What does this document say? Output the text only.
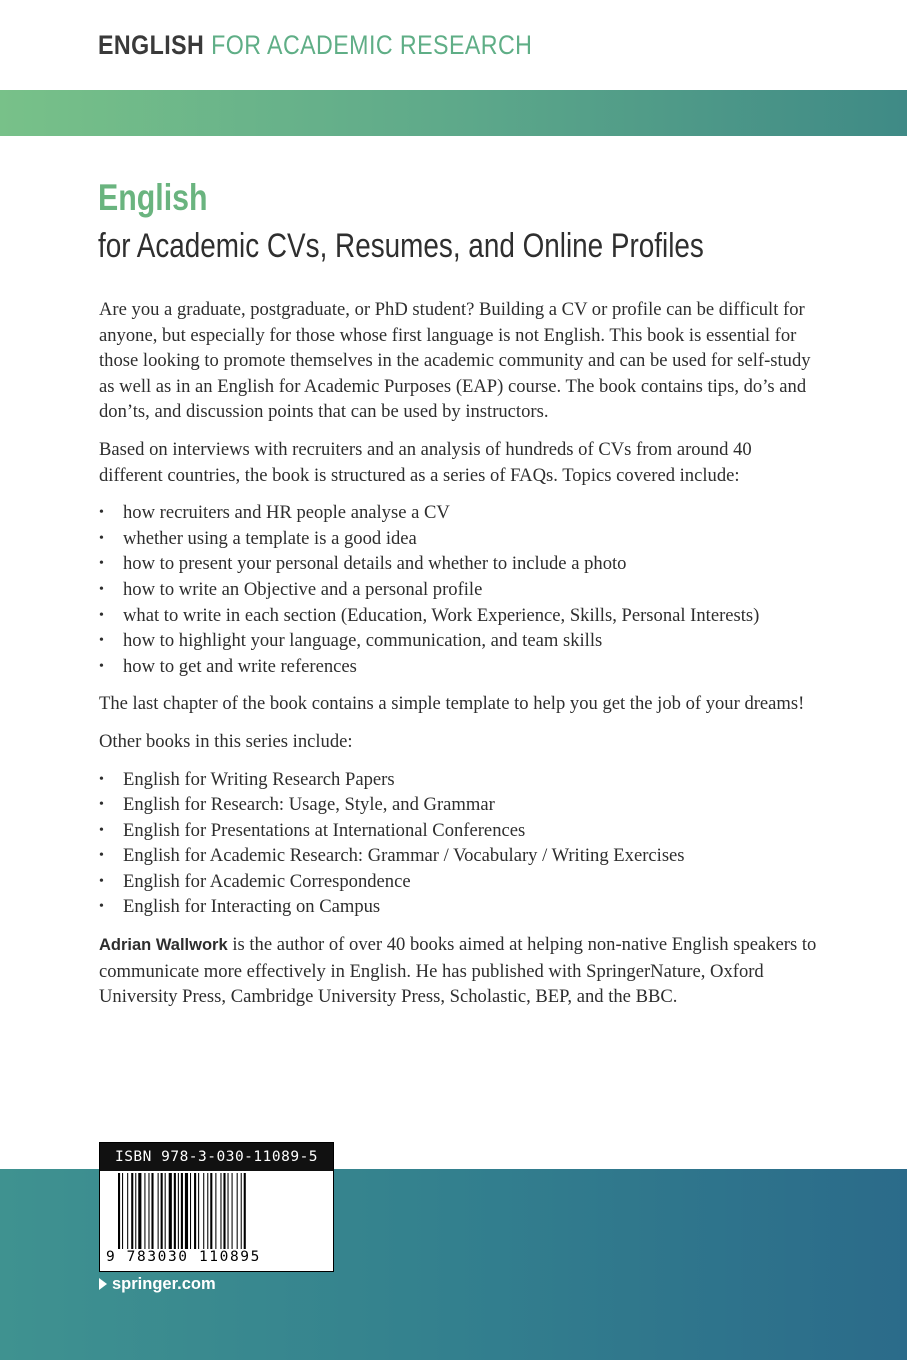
ENGLISH FOR ACADEMIC RESEARCH
English
for Academic CVs, Resumes, and Online Profiles

Are you a graduate, postgraduate, or PhD student? Building a CV or profile can be difficult for anyone, but especially for those whose first language is not English. This book is essential for those looking to promote themselves in the academic community and can be used for self-study as well as in an English for Academic Purposes (EAP) course. The book contains tips, do’s and don’ts, and discussion points that can be used by instructors.

Based on interviews with recruiters and an analysis of hundreds of CVs from around 40 different countries, the book is structured as a series of FAQs. Topics covered include:

• how recruiters and HR people analyse a CV
• whether using a template is a good idea
• how to present your personal details and whether to include a photo
• how to write an Objective and a personal profile
• what to write in each section (Education, Work Experience, Skills, Personal Interests)
• how to highlight your language, communication, and team skills
• how to get and write references

The last chapter of the book contains a simple template to help you get the job of your dreams!

Other books in this series include:

• English for Writing Research Papers
• English for Research: Usage, Style, and Grammar
• English for Presentations at International Conferences
• English for Academic Research: Grammar / Vocabulary / Writing Exercises
• English for Academic Correspondence
• English for Interacting on Campus

Adrian Wallwork is the author of over 40 books aimed at helping non-native English speakers to communicate more effectively in English. He has published with SpringerNature, Oxford University Press, Cambridge University Press, Scholastic, BEP, and the BBC.

ISBN 978-3-030-11089-5
9 783030 110895
springer.com
